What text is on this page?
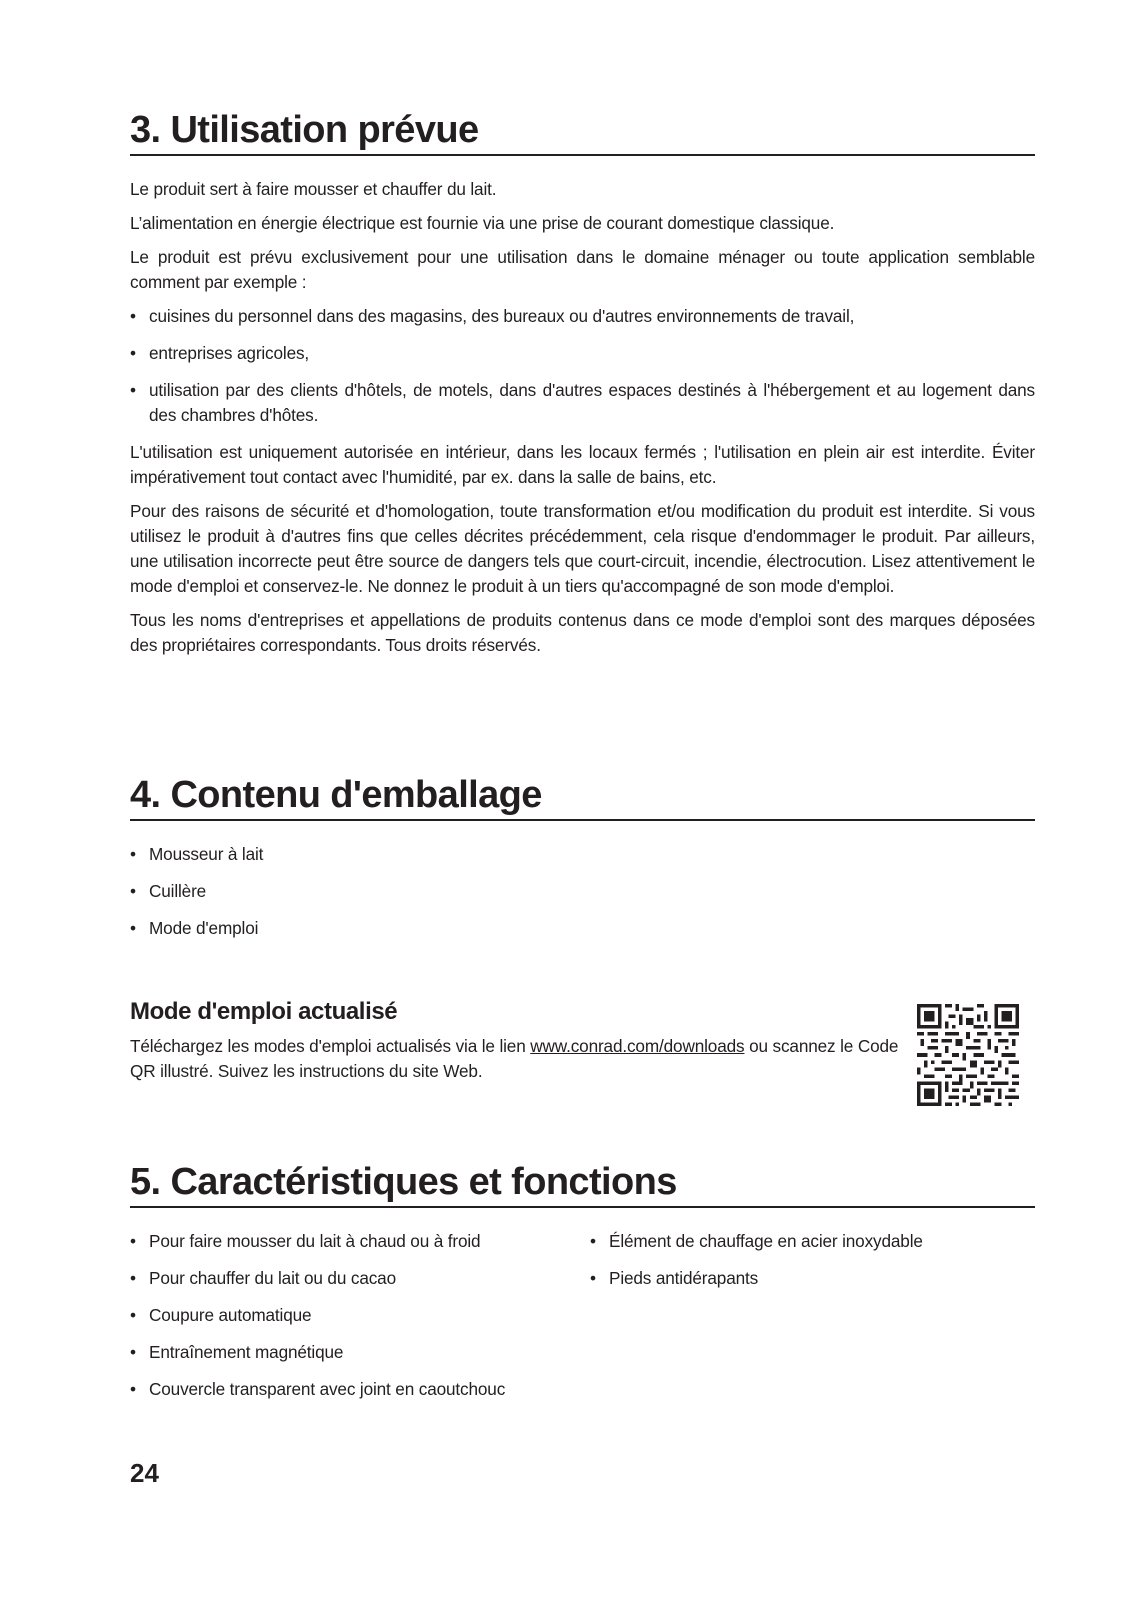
3. Utilisation prévue

Le produit sert à faire mousser et chauffer du lait.

L’alimentation en énergie électrique est fournie via une prise de courant domestique classique.

Le produit est prévu exclusivement pour une utilisation dans le domaine ménager ou toute application semblable comment par exemple :

• cuisines du personnel dans des magasins, des bureaux ou d'autres environnements de travail,
• entreprises agricoles,
• utilisation par des clients d'hôtels, de motels, dans d'autres espaces destinés à l'hébergement et au logement dans des chambres d'hôtes.

L'utilisation est uniquement autorisée en intérieur, dans les locaux fermés ; l'utilisation en plein air est interdite. Éviter impérativement tout contact avec l'humidité, par ex. dans la salle de bains, etc.

Pour des raisons de sécurité et d'homologation, toute transformation et/ou modification du produit est interdite. Si vous utilisez le produit à d'autres fins que celles décrites précédemment, cela risque d'endommager le produit. Par ailleurs, une utilisation incorrecte peut être source de dangers tels que court-circuit, incendie, électrocution. Lisez attentivement le mode d'emploi et conservez-le. Ne donnez le produit à un tiers qu'accompagné de son mode d'emploi.

Tous les noms d'entreprises et appellations de produits contenus dans ce mode d'emploi sont des marques déposées des propriétaires correspondants. Tous droits réservés.

4. Contenu d'emballage
• Mousseur à lait
• Cuillère
• Mode d'emploi
Mode d'emploi actualisé

Téléchargez les modes d'emploi actualisés via le lien www.conrad.com/downloads ou scannez le Code QR illustré. Suivez les instructions du site Web.

5. Caractéristiques et fonctions
• Pour faire mousser du lait à chaud ou à froid
• Pour chauffer du lait ou du cacao
• Coupure automatique
• Entraînement magnétique
• Couvercle transparent avec joint en caoutchouc
• Élément de chauffage en acier inoxydable
• Pieds antidérapants
24
